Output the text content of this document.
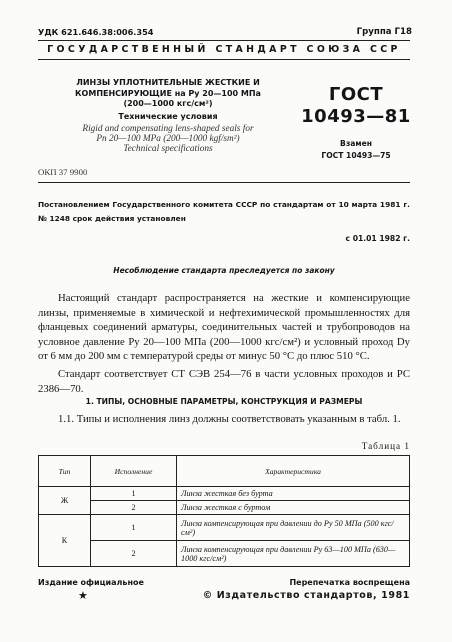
УДК 621.646.38:006.354	Группа Г18
ГОСУДАРСТВЕННЫЙ СТАНДАРТ СОЮЗА ССР
ЛИНЗЫ УПЛОТНИТЕЛЬНЫЕ ЖЕСТКИЕ И
КОМПЕНСИРУЮЩИЕ на Pу 20—100 МПа
(200—1000 кгс/см²)
Технические условия
Rigid and compensating lens-shaped seals for
Pn 20—100 MPa (200—1000 kgf/sm²)
Technical specifications
ГОСТ
10493—81
Взамен
ГОСТ 10493—75
ОКП 37 9900
Постановлением Государственного комитета СССР по стандартам от 10 марта 1981 г. № 1248 срок действия установлен
с 01.01 1982 г.
Несоблюдение стандарта преследуется по закону
Настоящий стандарт распространяется на жесткие и компенсирующие линзы, применяемые в химической и нефтехимической промышленностях для фланцевых соединений арматуры, соединительных частей и трубопроводов на условное давление Pу 20—100 МПа (200—1000 кгс/см²) и условный проход Dу от 6 мм до 200 мм с температурой среды от минус 50 °С до плюс 510 °С.
Стандарт соответствует СТ СЭВ 254—76 в части условных проходов и РС 2386—70.
1. ТИПЫ, ОСНОВНЫЕ ПАРАМЕТРЫ, КОНСТРУКЦИЯ И РАЗМЕРЫ
1.1. Типы и исполнения линз должны соответствовать указанным в табл. 1.
Таблица 1
Тип	Исполнение	Характеристика
Ж	1	Линза жесткая без бурта
	2	Линза жесткая с буртом
К	1	Линза компенсирующая при давлении до Pу 50 МПа (500 кгс/см²)
	2	Линза компенсирующая при давлении Pу 63—100 МПа (630—1000 кгс/см²)
Издание официальное	Перепечатка воспрещена
★	© Издательство стандартов, 1981
